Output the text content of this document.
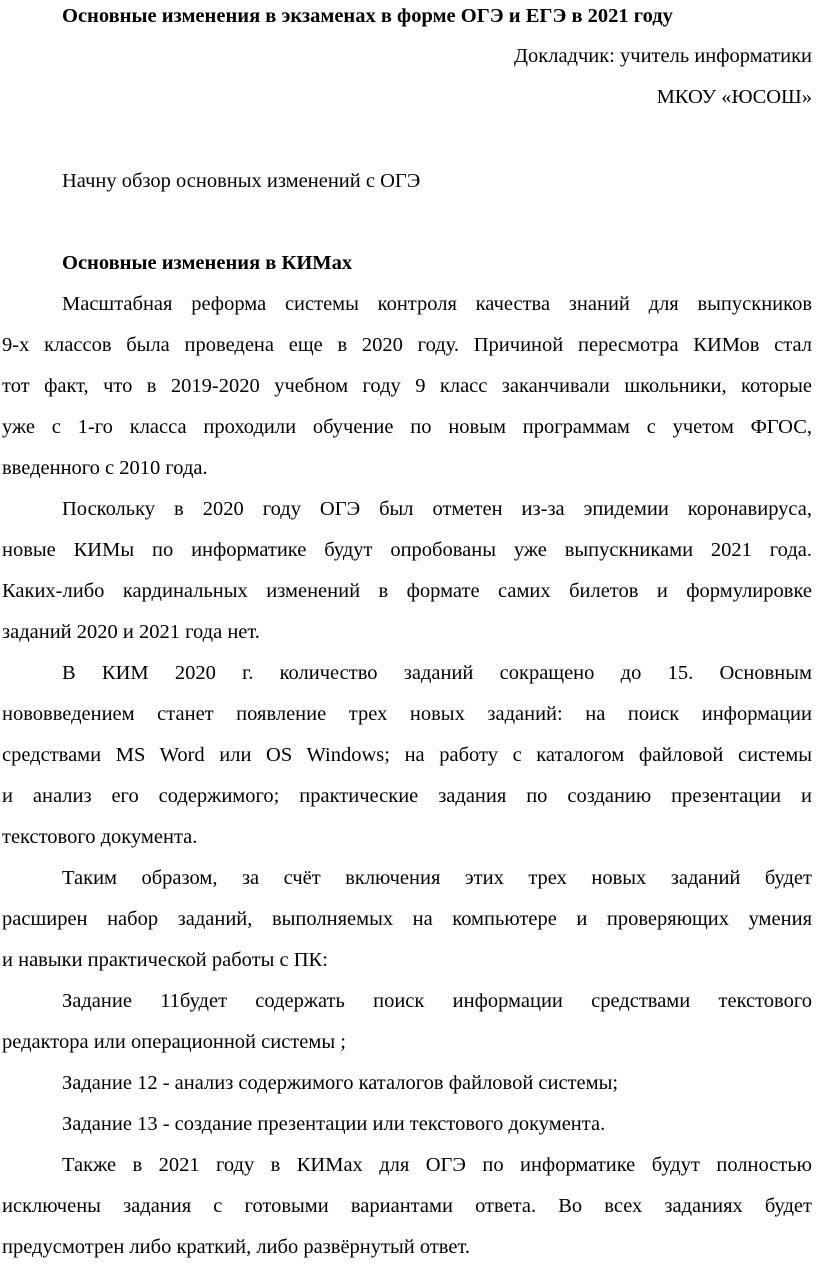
Основные изменения в экзаменах в форме ОГЭ и ЕГЭ в 2021 году
Докладчик: учитель информатики
МКОУ «ЮСОШ»
Начну обзор основных изменений с ОГЭ
Основные изменения в КИМах
Масштабная реформа системы контроля качества знаний для выпускников
9-х классов была проведена еще в 2020 году. Причиной пересмотра КИМов стал
тот факт, что в 2019-2020 учебном году 9 класс заканчивали школьники, которые
уже с 1-го класса проходили обучение по новым программам с учетом ФГОС,
введенного с 2010 года.
Поскольку в 2020 году ОГЭ был отметен из-за эпидемии коронавируса,
новые КИМы по информатике будут опробованы уже выпускниками 2021 года.
Каких-либо кардинальных изменений в формате самих билетов и формулировке
заданий 2020 и 2021 года нет.
В КИМ 2020 г. количество заданий сокращено до 15. Основным
нововведением станет появление трех новых заданий: на поиск информации
средствами MS Word или OS Windows; на работу с каталогом файловой системы
и анализ его содержимого; практические задания по созданию презентации и
текстового документа.
Таким образом, за счёт включения этих трех новых заданий будет
расширен набор заданий, выполняемых на компьютере и проверяющих умения
и навыки практической работы с ПК:
Задание 11будет содержать поиск информации средствами текстового
редактора или операционной системы ;
Задание 12 - анализ содержимого каталогов файловой системы;
Задание 13 - создание презентации или текстового документа.
Также в 2021 году в КИМах для ОГЭ по информатике будут полностью
исключены задания с готовыми вариантами ответа. Во всех заданиях будет
предусмотрен либо краткий, либо развёрнутый ответ.
